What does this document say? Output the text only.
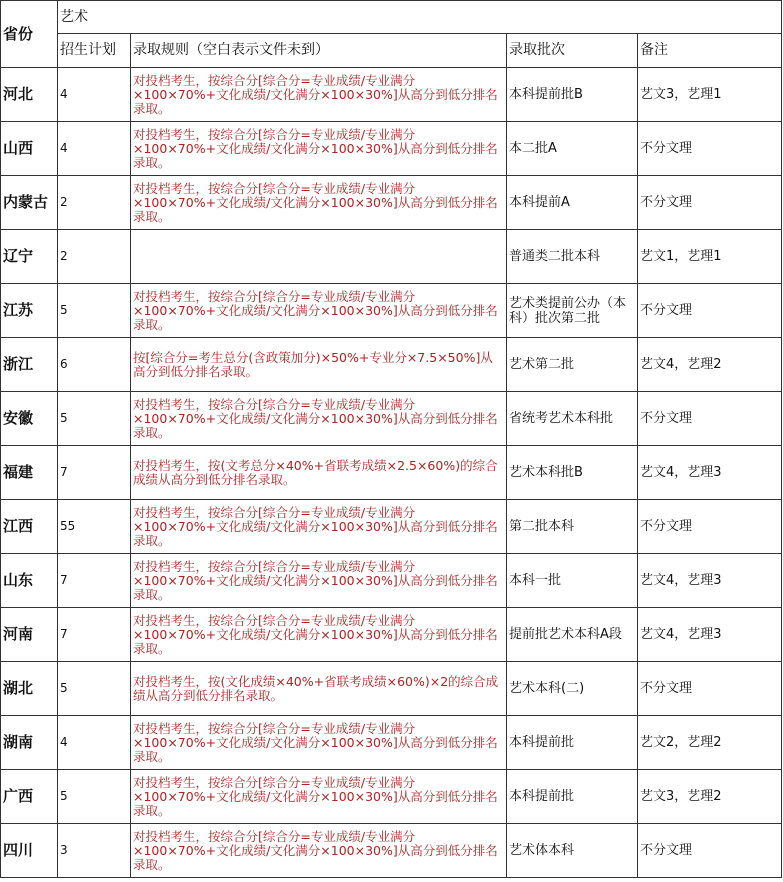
省份	艺术			
	招生计划	录取规则（空白表示文件未到）	录取批次	备注
河北	4	对投档考生，按综合分[综合分=专业成绩/专业满分×100×70%+文化成绩/文化满分×100×30%]从高分到低分排名录取。	本科提前批B	艺文3，艺理1
山西	4	对投档考生，按综合分[综合分=专业成绩/专业满分×100×70%+文化成绩/文化满分×100×30%]从高分到低分排名录取。	本二批A	不分文理
内蒙古	2	对投档考生，按综合分[综合分=专业成绩/专业满分×100×70%+文化成绩/文化满分×100×30%]从高分到低分排名录取。	本科提前A	不分文理
辽宁	2		普通类二批本科	艺文1，艺理1
江苏	5	对投档考生，按综合分[综合分=专业成绩/专业满分×100×70%+文化成绩/文化满分×100×30%]从高分到低分排名录取。	艺术类提前公办（本科）批次第二批	不分文理
浙江	6	按[综合分=考生总分(含政策加分)×50%+专业分×7.5×50%]从高分到低分排名录取。	艺术第二批	艺文4，艺理2
安徽	5	对投档考生，按综合分[综合分=专业成绩/专业满分×100×70%+文化成绩/文化满分×100×30%]从高分到低分排名录取。	省统考艺术本科批	不分文理
福建	7	对投档考生，按(文考总分×40%+省联考成绩×2.5×60%)的综合成绩从高分到低分排名录取。	艺术本科批B	艺文4，艺理3
江西	55	对投档考生，按综合分[综合分=专业成绩/专业满分×100×70%+文化成绩/文化满分×100×30%]从高分到低分排名录取。	第二批本科	不分文理
山东	7	对投档考生，按综合分[综合分=专业成绩/专业满分×100×70%+文化成绩/文化满分×100×30%]从高分到低分排名录取。	本科一批	艺文4，艺理3
河南	7	对投档考生，按综合分[综合分=专业成绩/专业满分×100×70%+文化成绩/文化满分×100×30%]从高分到低分排名录取。	提前批艺术本科A段	艺文4，艺理3
湖北	5	对投档考生，按(文化成绩×40%+省联考成绩×60%)×2的综合成绩从高分到低分排名录取。	艺术本科(二)	不分文理
湖南	4	对投档考生，按综合分[综合分=专业成绩/专业满分×100×70%+文化成绩/文化满分×100×30%]从高分到低分排名录取。	本科提前批	艺文2，艺理2
广西	5	对投档考生，按综合分[综合分=专业成绩/专业满分×100×70%+文化成绩/文化满分×100×30%]从高分到低分排名录取。	本科提前批	艺文3，艺理2
四川	3	对投档考生，按综合分[综合分=专业成绩/专业满分×100×70%+文化成绩/文化满分×100×30%]从高分到低分排名录取。	艺术体本科	不分文理
